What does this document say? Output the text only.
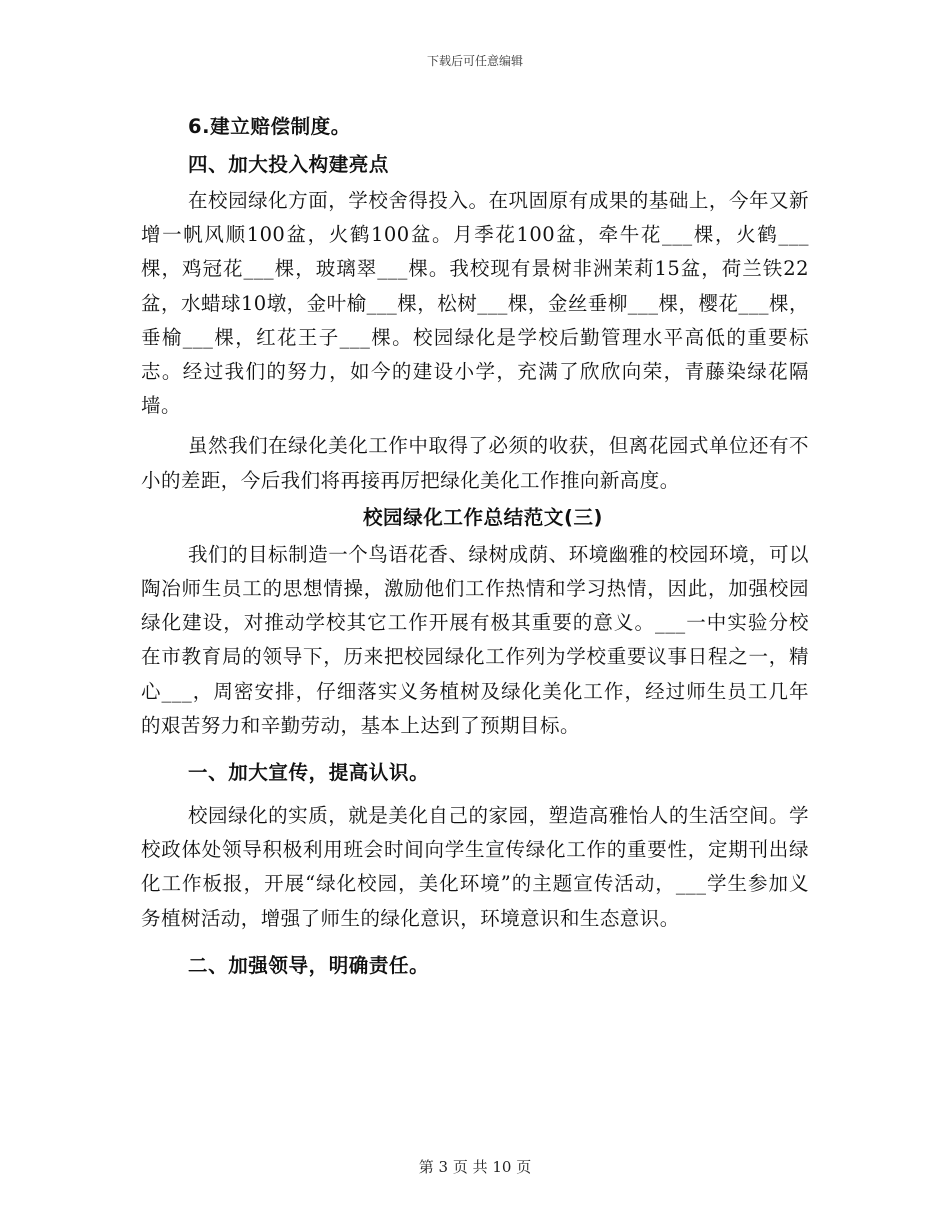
下载后可任意编辑
6.建立赔偿制度。
四、加大投入构建亮点

在校园绿化方面，学校舍得投入。在巩固原有成果的基础上，今年又新增一帆风顺100盆，火鹤100盆。月季花100盆，牵牛花___棵，火鹤___棵，鸡冠花___棵，玻璃翠___棵。我校现有景树非洲茉莉15盆，荷兰铁22盆，水蜡球10墩，金叶榆___棵，松树___棵，金丝垂柳___棵，樱花___棵，垂榆___棵，红花王子___棵。校园绿化是学校后勤管理水平高低的重要标志。经过我们的努力，如今的建设小学，充满了欣欣向荣，青藤染绿花隔墙。

虽然我们在绿化美化工作中取得了必须的收获，但离花园式单位还有不小的差距，今后我们将再接再厉把绿化美化工作推向新高度。

校园绿化工作总结范文(三)

我们的目标制造一个鸟语花香、绿树成荫、环境幽雅的校园环境，可以陶冶师生员工的思想情操，激励他们工作热情和学习热情，因此，加强校园绿化建设，对推动学校其它工作开展有极其重要的意义。___一中实验分校在市教育局的领导下，历来把校园绿化工作列为学校重要议事日程之一，精心___，周密安排，仔细落实义务植树及绿化美化工作，经过师生员工几年的艰苦努力和辛勤劳动，基本上达到了预期目标。

一、加大宣传，提高认识。

校园绿化的实质，就是美化自己的家园，塑造高雅怡人的生活空间。学校政体处领导积极利用班会时间向学生宣传绿化工作的重要性，定期刊出绿化工作板报，开展“绿化校园，美化环境”的主题宣传活动，___学生参加义务植树活动，增强了师生的绿化意识，环境意识和生态意识。

二、加强领导，明确责任。
第 3 页 共 10 页
